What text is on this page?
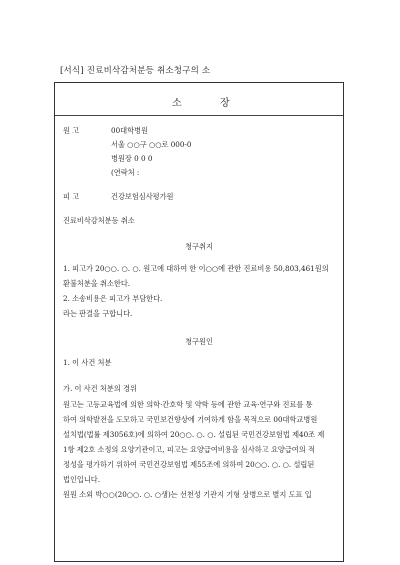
[서식] 진료비삭감처분등 취소청구의 소
소	장
원 고	00대학병원
서울 ○○구 ○○로 000-0
병원장 0 0 0
(연락처 :
피 고	건강보험심사평가원
진료비삭감처분등 취소
청구취지
1. 피고가 20○○. ○. ○. 원고에 대하여 한 이○○에 관한 진료비용 50,803,461원의
환불처분을 취소한다.
2. 소송비용은 피고가 부담한다.
라는 판결을 구합니다.
청구원인
1. 이 사건 처분
가. 이 사건 처분의 경위
원고는 고등교육법에 의한 의학·간호학 및 약학 등에 관한 교육·연구와 진료를 통
하여 의학발전을 도모하고 국민보건향상에 기여하게 함을 목적으로 00대학교병원
설치법(법률 제3056호)에 의하여 20○○. ○. ○. 설립된 국민건강보험법 제40조 제
1항 제2호 소정의 요양기관이고, 피고는 요양급여비용을 심사하고 요양급여의 적
정성을 평가하기 위하여 국민건강보험법 제55조에 의하여 20○○. ○. ○. 설립된
법인입니다.
원원 소외 박○○(20○○. ○. ○생)는 선천성 기관지 기형 상병으로 별지 도표 입
